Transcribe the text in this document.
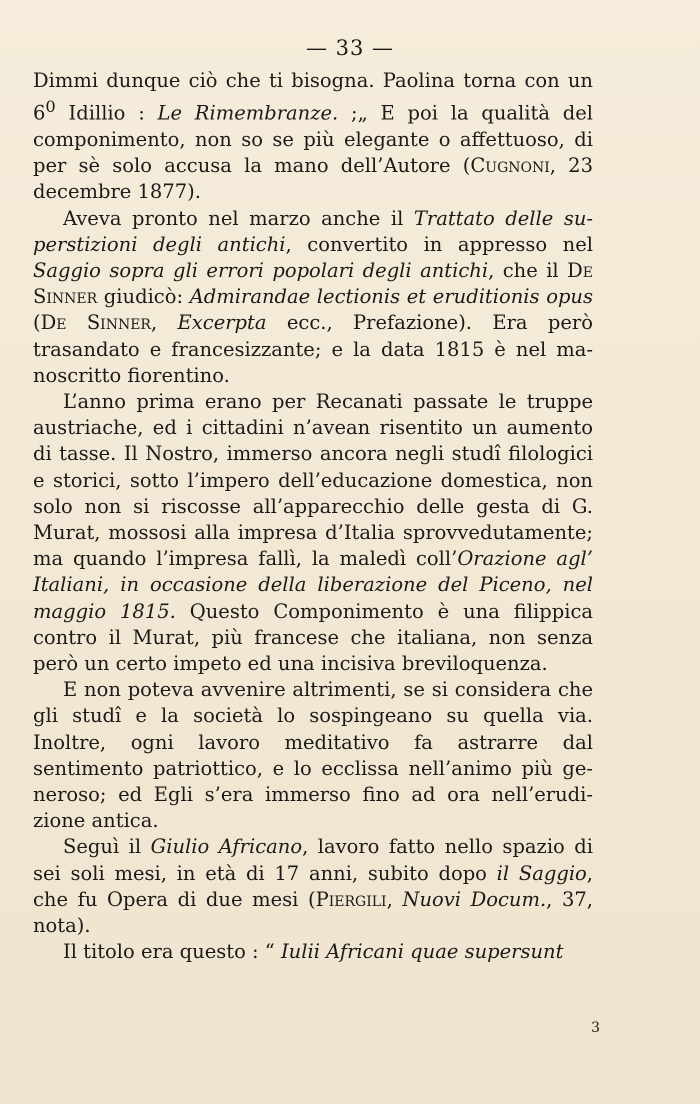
— 33 —

Dimmi dunque ciò che ti bisogna. Paolina torna con un $6^0$ Idillio : Le Rimembranze. ;„ E poi la qualità del componimento, non so se più elegante o affettuoso, di per sè solo accusa la mano dell’Autore (Cugnoni, 23 decembre 1877).

Aveva pronto nel marzo anche il Trattato delle superstizioni degli antichi, convertito in appresso nel Saggio sopra gli errori popolari degli antichi, che il De Sinner giudicò: Admirandae lectionis et eruditionis opus (De Sinner, Excerpta ecc., Prefazione). Era però trasandato e francesizzante; e la data 1815 è nel manoscritto fiorentino.

L’anno prima erano per Recanati passate le truppe austriache, ed i cittadini n’avean risentito un aumento di tasse. Il Nostro, immerso ancora negli studî filologici e storici, sotto l’impero dell’educazione domestica, non solo non si riscosse all’apparecchio delle gesta di G. Murat, mossosi alla impresa d’Italia sprovvedutamente; ma quando l’impresa fallì, la maledì coll’Orazione agl’ Italiani, in occasione della liberazione del Piceno, nel maggio 1815. Questo Componimento è una filippica contro il Murat, più francese che italiana, non senza però un certo impeto ed una incisiva breviloquenza.

E non poteva avvenire altrimenti, se si considera che gli studî e la società lo sospingeano su quella via. Inoltre, ogni lavoro meditativo fa astrarre dal sentimento patriottico, e lo ecclissa nell’animo più generoso; ed Egli s’era immerso fino ad ora nell’erudizione antica.

Seguì il Giulio Africano, lavoro fatto nello spazio di sei soli mesi, in età di 17 anni, subito dopo il Saggio, che fu Opera di due mesi (Piergili, Nuovi Docum., 37, nota).

Il titolo era questo : “ Iulii Africani quae supersunt

3
